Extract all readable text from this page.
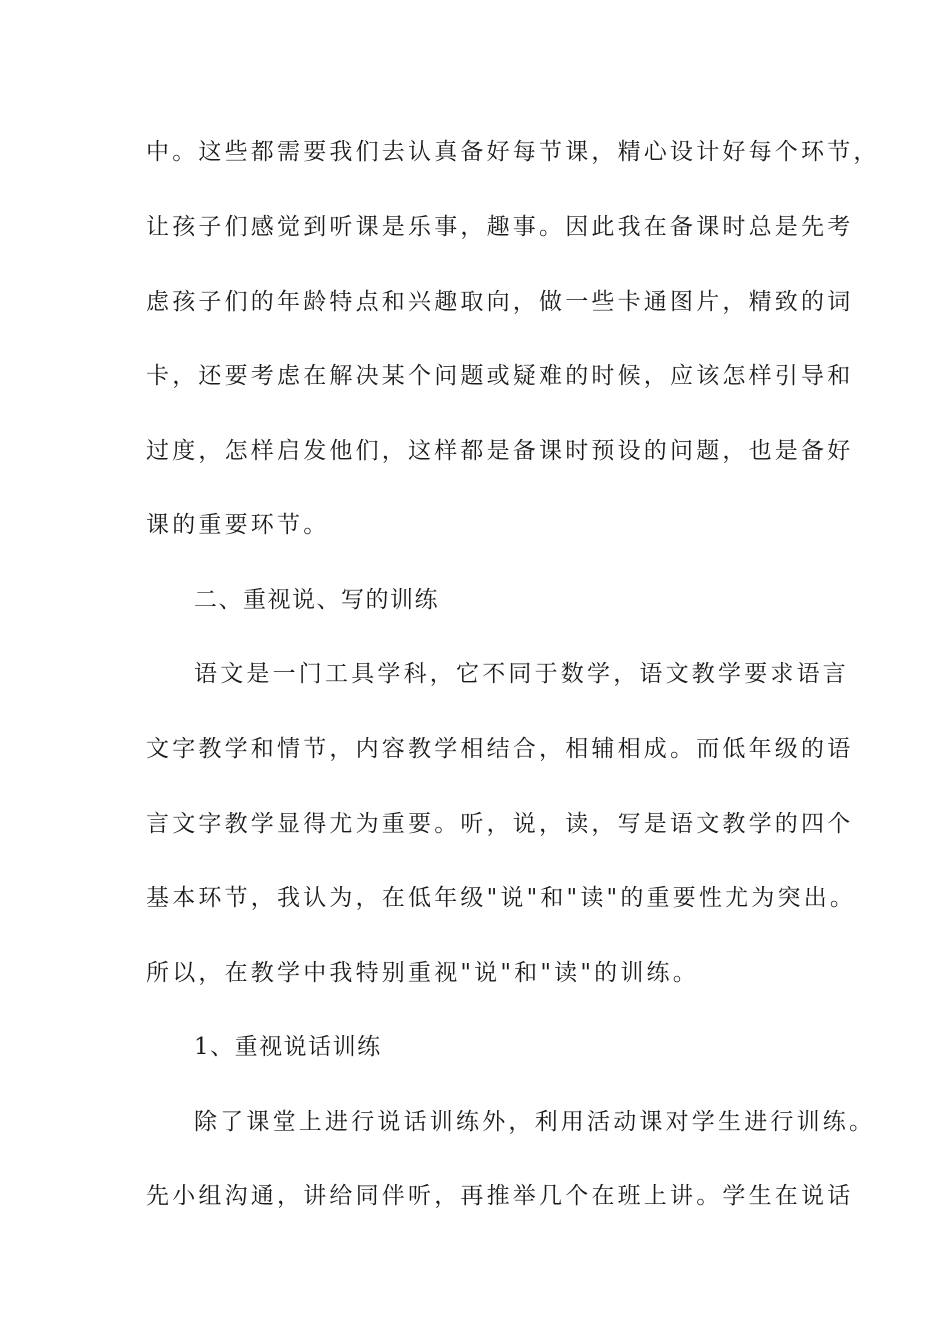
中。这些都需要我们去认真备好每节课，精心设计好每个环节，
让孩子们感觉到听课是乐事，趣事。因此我在备课时总是先考
虑孩子们的年龄特点和兴趣取向，做一些卡通图片，精致的词
卡，还要考虑在解决某个问题或疑难的时候，应该怎样引导和
过度，怎样启发他们，这样都是备课时预设的问题，也是备好
课的重要环节。
二、重视说、写的训练
语文是一门工具学科，它不同于数学，语文教学要求语言
文字教学和情节，内容教学相结合，相辅相成。而低年级的语
言文字教学显得尤为重要。听，说，读，写是语文教学的四个
基本环节，我认为，在低年级"说"和"读"的重要性尤为突出。
所以，在教学中我特别重视"说"和"读"的训练。
1、重视说话训练
除了课堂上进行说话训练外，利用活动课对学生进行训练。
先小组沟通，讲给同伴听，再推举几个在班上讲。学生在说话
